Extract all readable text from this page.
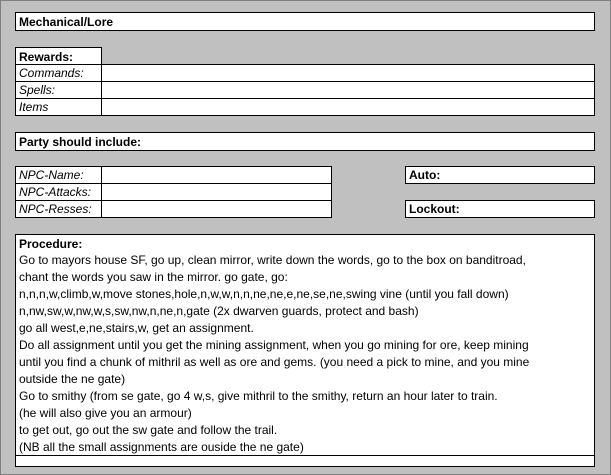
Mechanical/Lore
Rewards:
Commands:
Spells:
Items
Party should include:
NPC-Name:
NPC-Attacks:
NPC-Resses:
Auto:
Lockout:
Procedure:
Go to mayors house SF, go up, clean mirror, write down the words, go to the box on banditroad,
chant the words you saw in the mirror. go gate, go:
n,n,n,w,climb,w,move stones,hole,n,w,w,n,n,ne,ne,e,ne,se,ne,swing vine (until you fall down)
n,nw,sw,w,nw,w,s,sw,nw,n,ne,n,gate (2x dwarven guards, protect and bash)
go all west,e,ne,stairs,w, get an assignment.
Do all assignment until you get the mining assignment, when you go mining for ore, keep mining
until you find a chunk of mithril as well as ore and gems. (you need a pick to mine, and you mine
outside the ne gate)
Go to smithy (from se gate, go 4 w,s, give mithril to the smithy, return an hour later to train.
(he will also give you an armour)
to get out, go out the sw gate and follow the trail.
(NB all the small assignments are ouside the ne gate)
